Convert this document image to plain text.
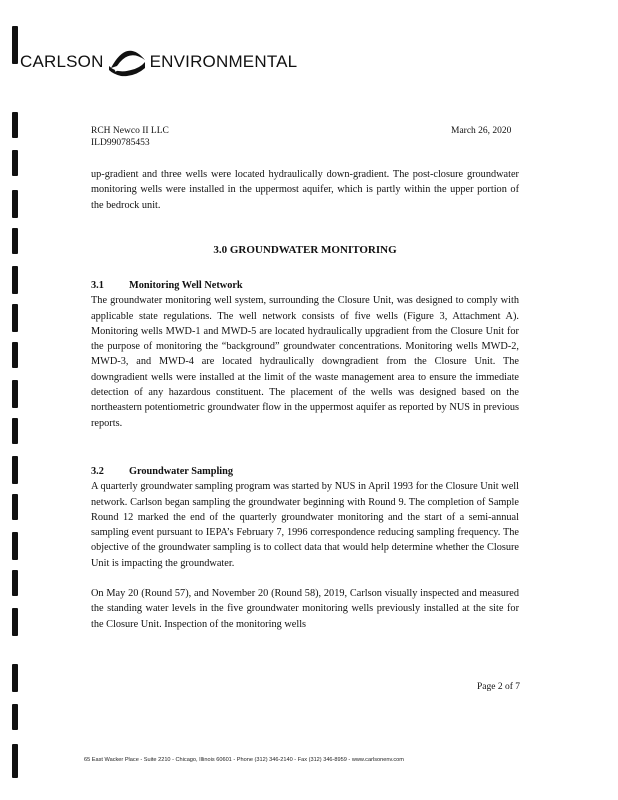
CARLSON	ENVIRONMENTAL
RCH Newco II LLC
ILD990785453
March 26, 2020

up-gradient and three wells were located hydraulically down-gradient. The post-closure groundwater monitoring wells were installed in the uppermost aquifer, which is partly within the upper portion of the bedrock unit.

3.0 GROUNDWATER MONITORING
3.1	Monitoring Well Network

The groundwater monitoring well system, surrounding the Closure Unit, was designed to comply with applicable state regulations. The well network consists of five wells (Figure 3, Attachment A). Monitoring wells MWD-1 and MWD-5 are located hydraulically upgradient from the Closure Unit for the purpose of monitoring the “background” groundwater concentrations. Monitoring wells MWD-2, MWD-3, and MWD-4 are located hydraulically downgradient from the Closure Unit. The downgradient wells were installed at the limit of the waste management area to ensure the immediate detection of any hazardous constituent. The placement of the wells was designed based on the northeastern potentiometric groundwater flow in the uppermost aquifer as reported by NUS in previous reports.

3.2	Groundwater Sampling

A quarterly groundwater sampling program was started by NUS in April 1993 for the Closure Unit well network. Carlson began sampling the groundwater beginning with Round 9. The completion of Sample Round 12 marked the end of the quarterly groundwater monitoring and the start of a semi-annual sampling event pursuant to IEPA’s February 7, 1996 correspondence reducing sampling frequency. The objective of the groundwater sampling is to collect data that would help determine whether the Closure Unit is impacting the groundwater.

On May 20 (Round 57), and November 20 (Round 58), 2019, Carlson visually inspected and measured the standing water levels in the five groundwater monitoring wells previously installed at the site for the Closure Unit. Inspection of the monitoring wells

Page 2 of 7
65 East Wacker Place - Suite 2210 - Chicago, Illinois 60601 - Phone (312) 346-2140 - Fax (312) 346-8959 - www.carlsonenv.com
